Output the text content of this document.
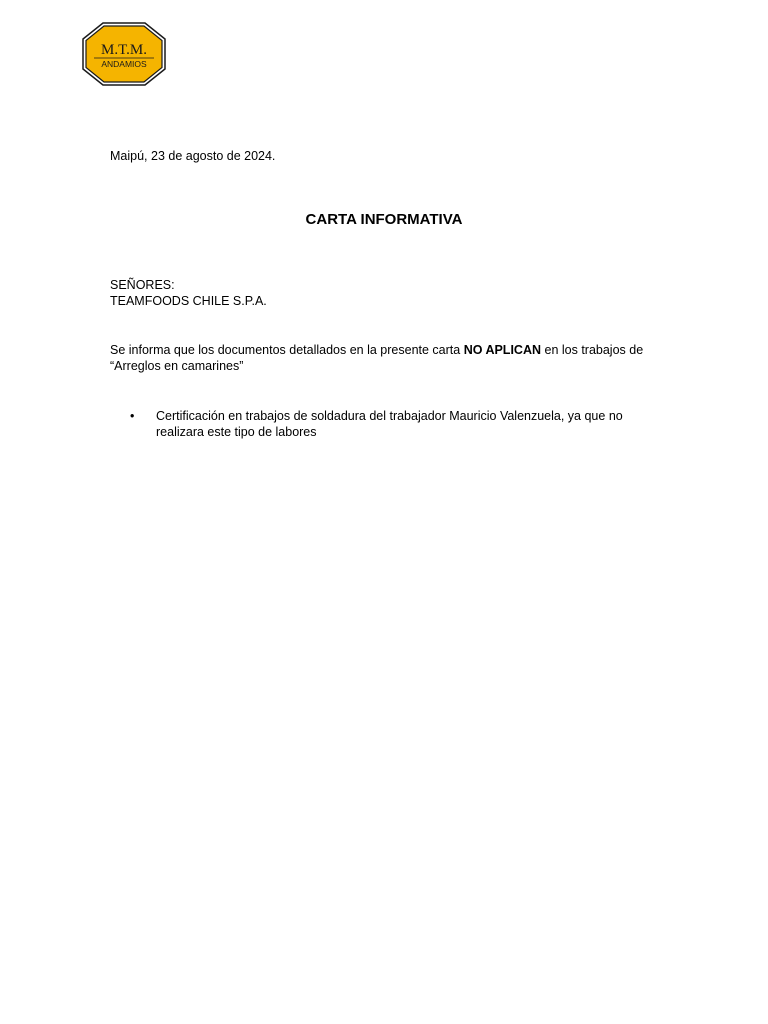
M.T.M.
ANDAMIOS
Maipú, 23 de agosto de 2024.
CARTA INFORMATIVA
SEÑORES:
TEAMFOODS CHILE S.P.A.
Se informa que los documentos detallados en la presente carta NO APLICAN en los trabajos de “Arreglos en camarines”
• Certificación en trabajos de soldadura del trabajador Mauricio Valenzuela, ya que no realizara este tipo de labores
